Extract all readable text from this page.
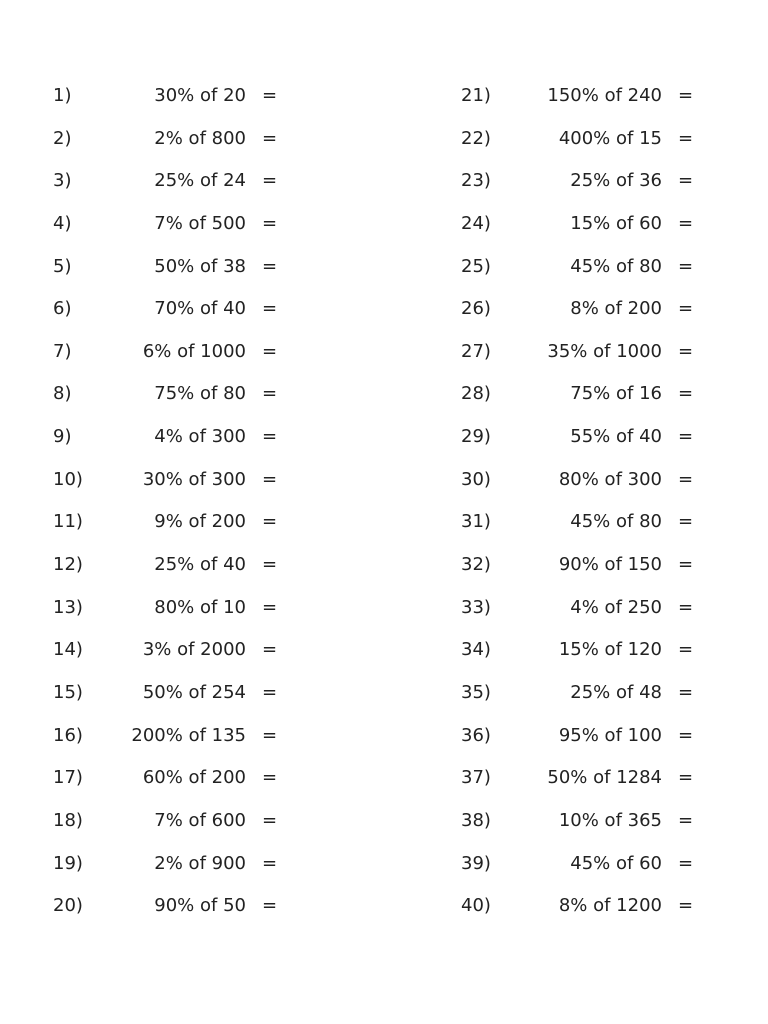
1)	30% of 20 =
2)	2% of 800 =
3)	25% of 24 =
4)	7% of 500 =
5)	50% of 38 =
6)	70% of 40 =
7)	6% of 1000 =
8)	75% of 80 =
9)	4% of 300 =
10)	30% of 300 =
11)	9% of 200 =
12)	25% of 40 =
13)	80% of 10 =
14)	3% of 2000 =
15)	50% of 254 =
16)	200% of 135 =
17)	60% of 200 =
18)	7% of 600 =
19)	2% of 900 =
20)	90% of 50 =
21)	150% of 240 =
22)	400% of 15 =
23)	25% of 36 =
24)	15% of 60 =
25)	45% of 80 =
26)	8% of 200 =
27)	35% of 1000 =
28)	75% of 16 =
29)	55% of 40 =
30)	80% of 300 =
31)	45% of 80 =
32)	90% of 150 =
33)	4% of 250 =
34)	15% of 120 =
35)	25% of 48 =
36)	95% of 100 =
37)	50% of 1284 =
38)	10% of 365 =
39)	45% of 60 =
40)	8% of 1200 =
